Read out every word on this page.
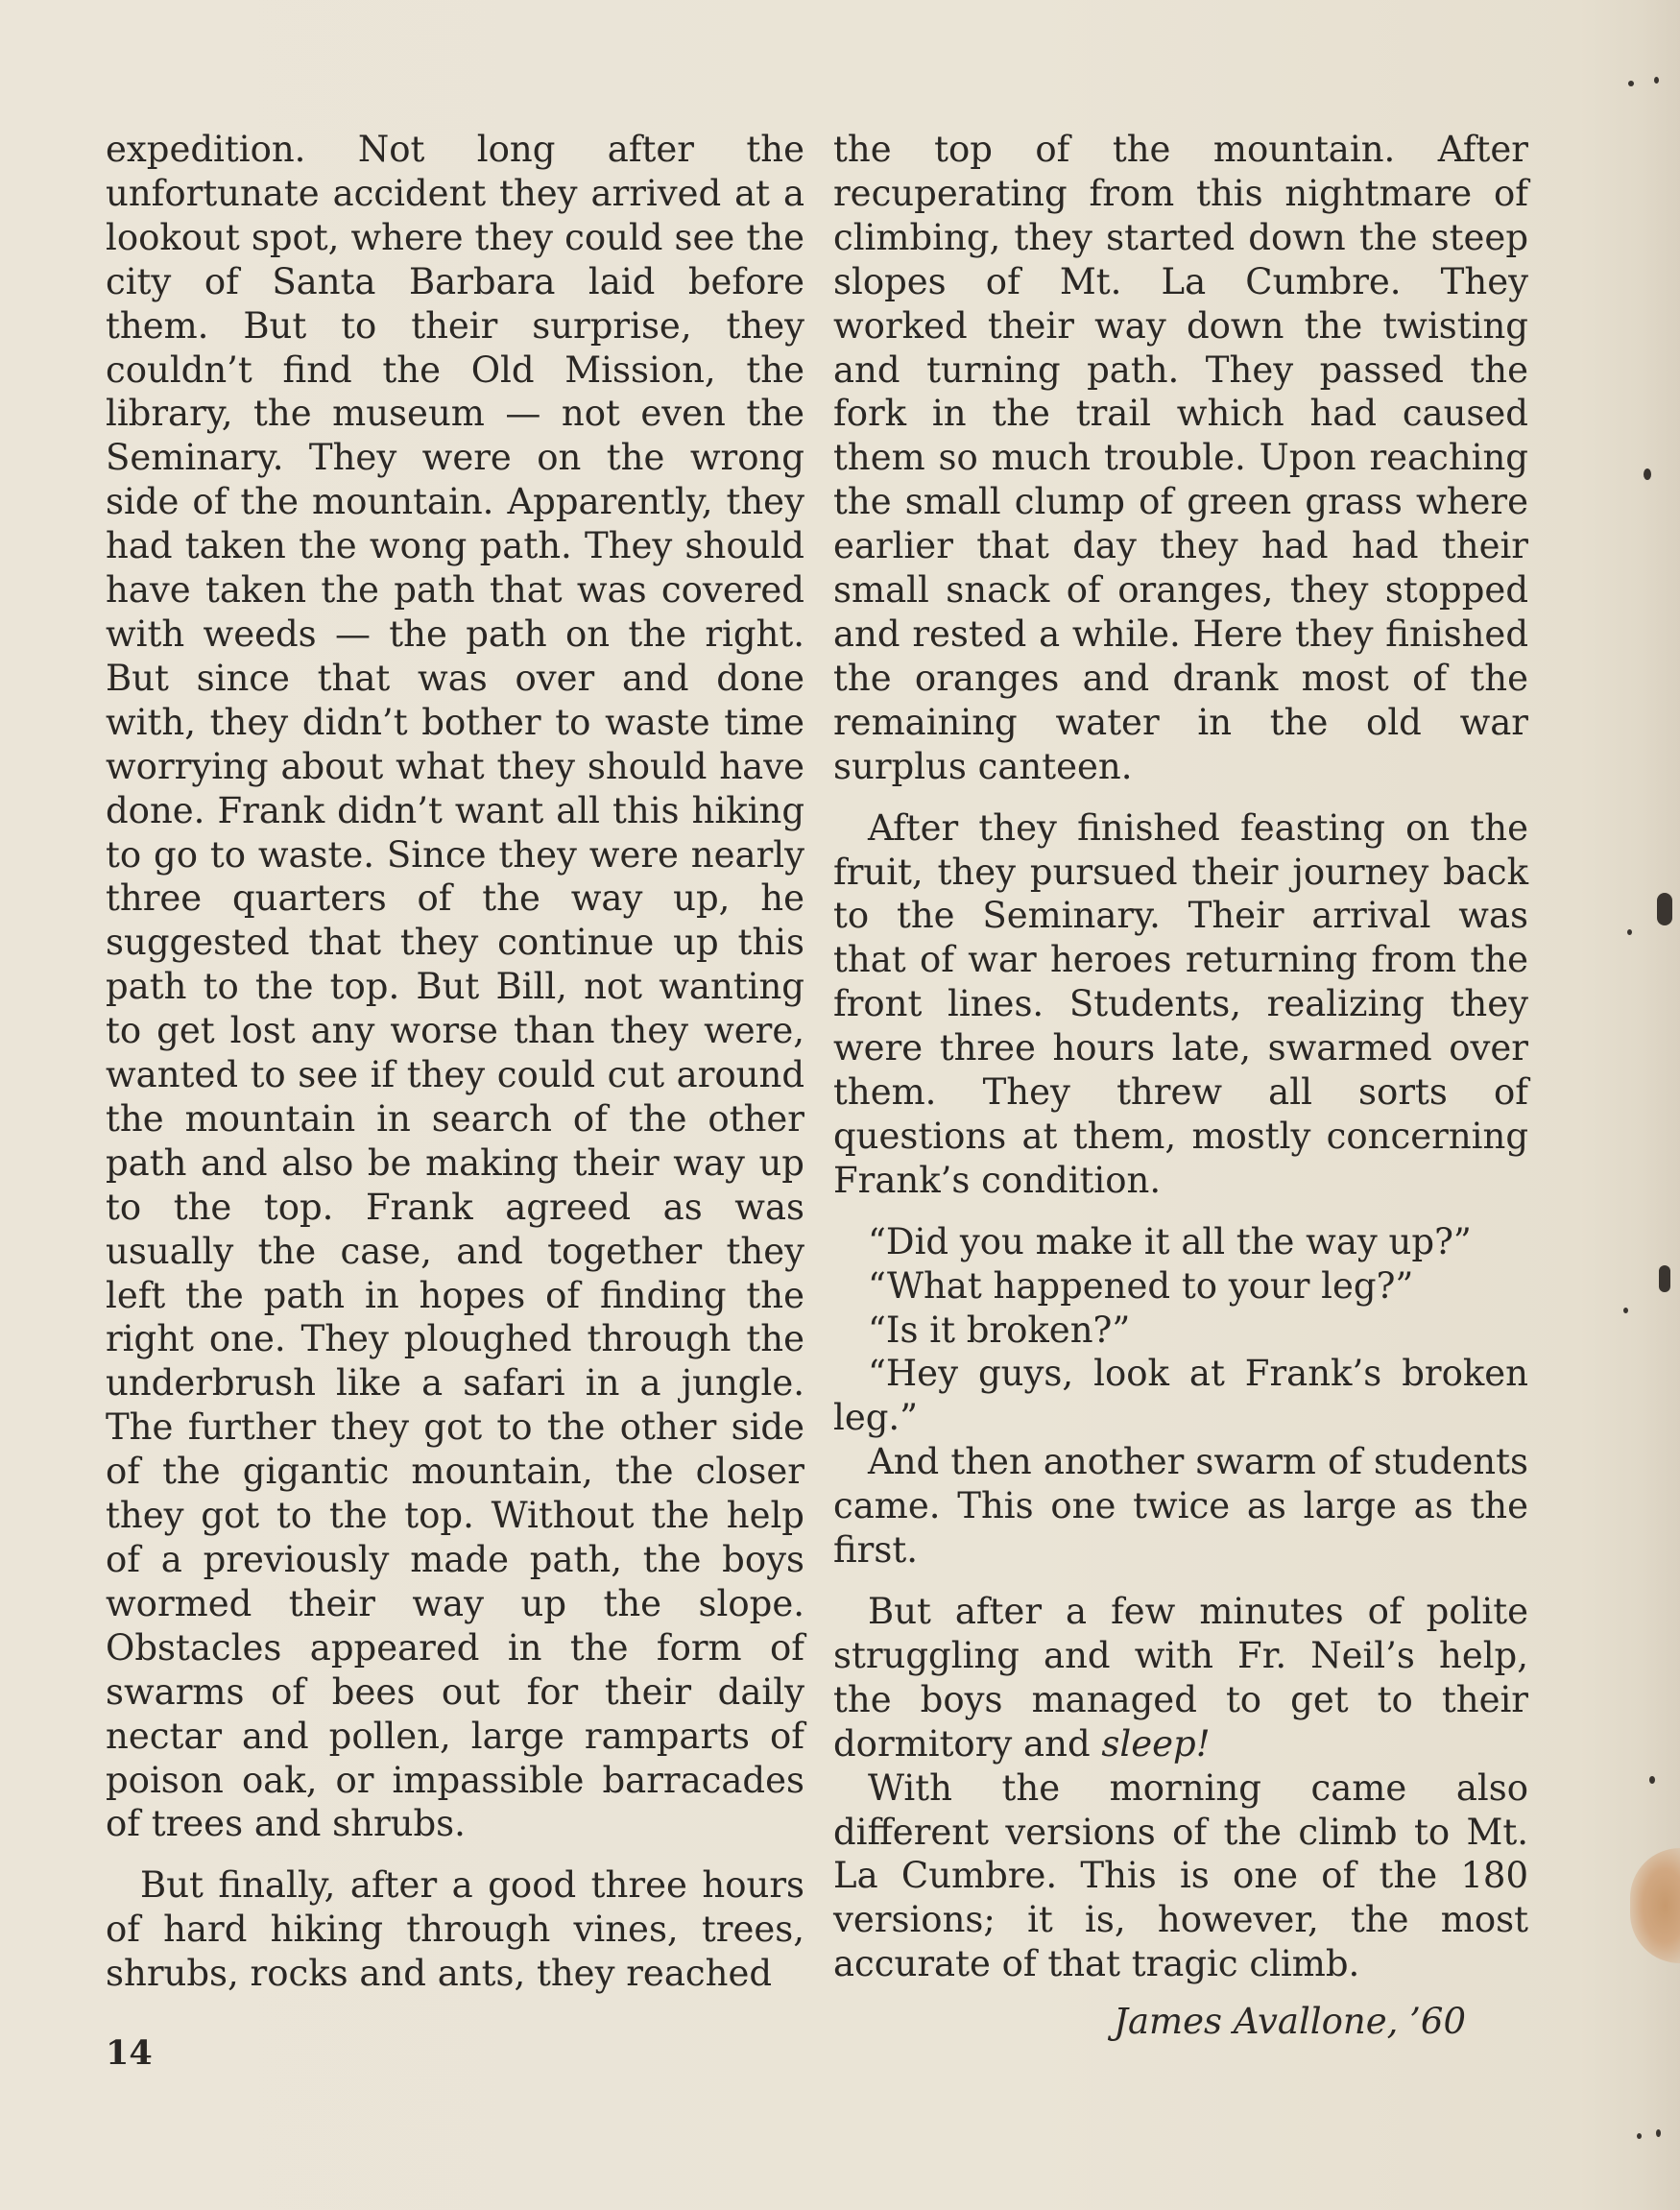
expedition. Not long after the unfortunate accident they arrived at a lookout spot, where they could see the city of Santa Barbara laid before them. But to their surprise, they couldn’t find the Old Mission, the library, the museum — not even the Seminary. They were on the wrong side of the mountain. Apparently, they had taken the wong path. They should have taken the path that was covered with weeds — the path on the right. But since that was over and done with, they didn’t bother to waste time worrying about what they should have done. Frank didn’t want all this hiking to go to waste. Since they were nearly three quarters of the way up, he suggested that they continue up this path to the top. But Bill, not wanting to get lost any worse than they were, wanted to see if they could cut around the mountain in search of the other path and also be making their way up to the top. Frank agreed as was usually the case, and together they left the path in hopes of finding the right one. They ploughed through the underbrush like a safari in a jungle. The further they got to the other side of the gigantic mountain, the closer they got to the top. Without the help of a previously made path, the boys wormed their way up the slope. Obstacles appeared in the form of swarms of bees out for their daily nectar and pollen, large ramparts of poison oak, or impassible barracades of trees and shrubs.

But finally, after a good three hours of hard hiking through vines, trees, shrubs, rocks and ants, they reached

the top of the mountain. After recuperating from this nightmare of climbing, they started down the steep slopes of Mt. La Cumbre. They worked their way down the twisting and turning path. They passed the fork in the trail which had caused them so much trouble. Upon reaching the small clump of green grass where earlier that day they had had their small snack of oranges, they stopped and rested a while. Here they finished the oranges and drank most of the remaining water in the old war surplus canteen.

After they finished feasting on the fruit, they pursued their journey back to the Seminary. Their arrival was that of war heroes returning from the front lines. Students, realizing they were three hours late, swarmed over them. They threw all sorts of questions at them, mostly concerning Frank’s condition.

“Did you make it all the way up?”

“What happened to your leg?”

“Is it broken?”

“Hey guys, look at Frank’s broken leg.”

And then another swarm of students came. This one twice as large as the first.

But after a few minutes of polite struggling and with Fr. Neil’s help, the boys managed to get to their dormitory and sleep!

With the morning came also different versions of the climb to Mt. La Cumbre. This is one of the 180 versions; it is, however, the most accurate of that tragic climb.

James Avallone, ’60
14
